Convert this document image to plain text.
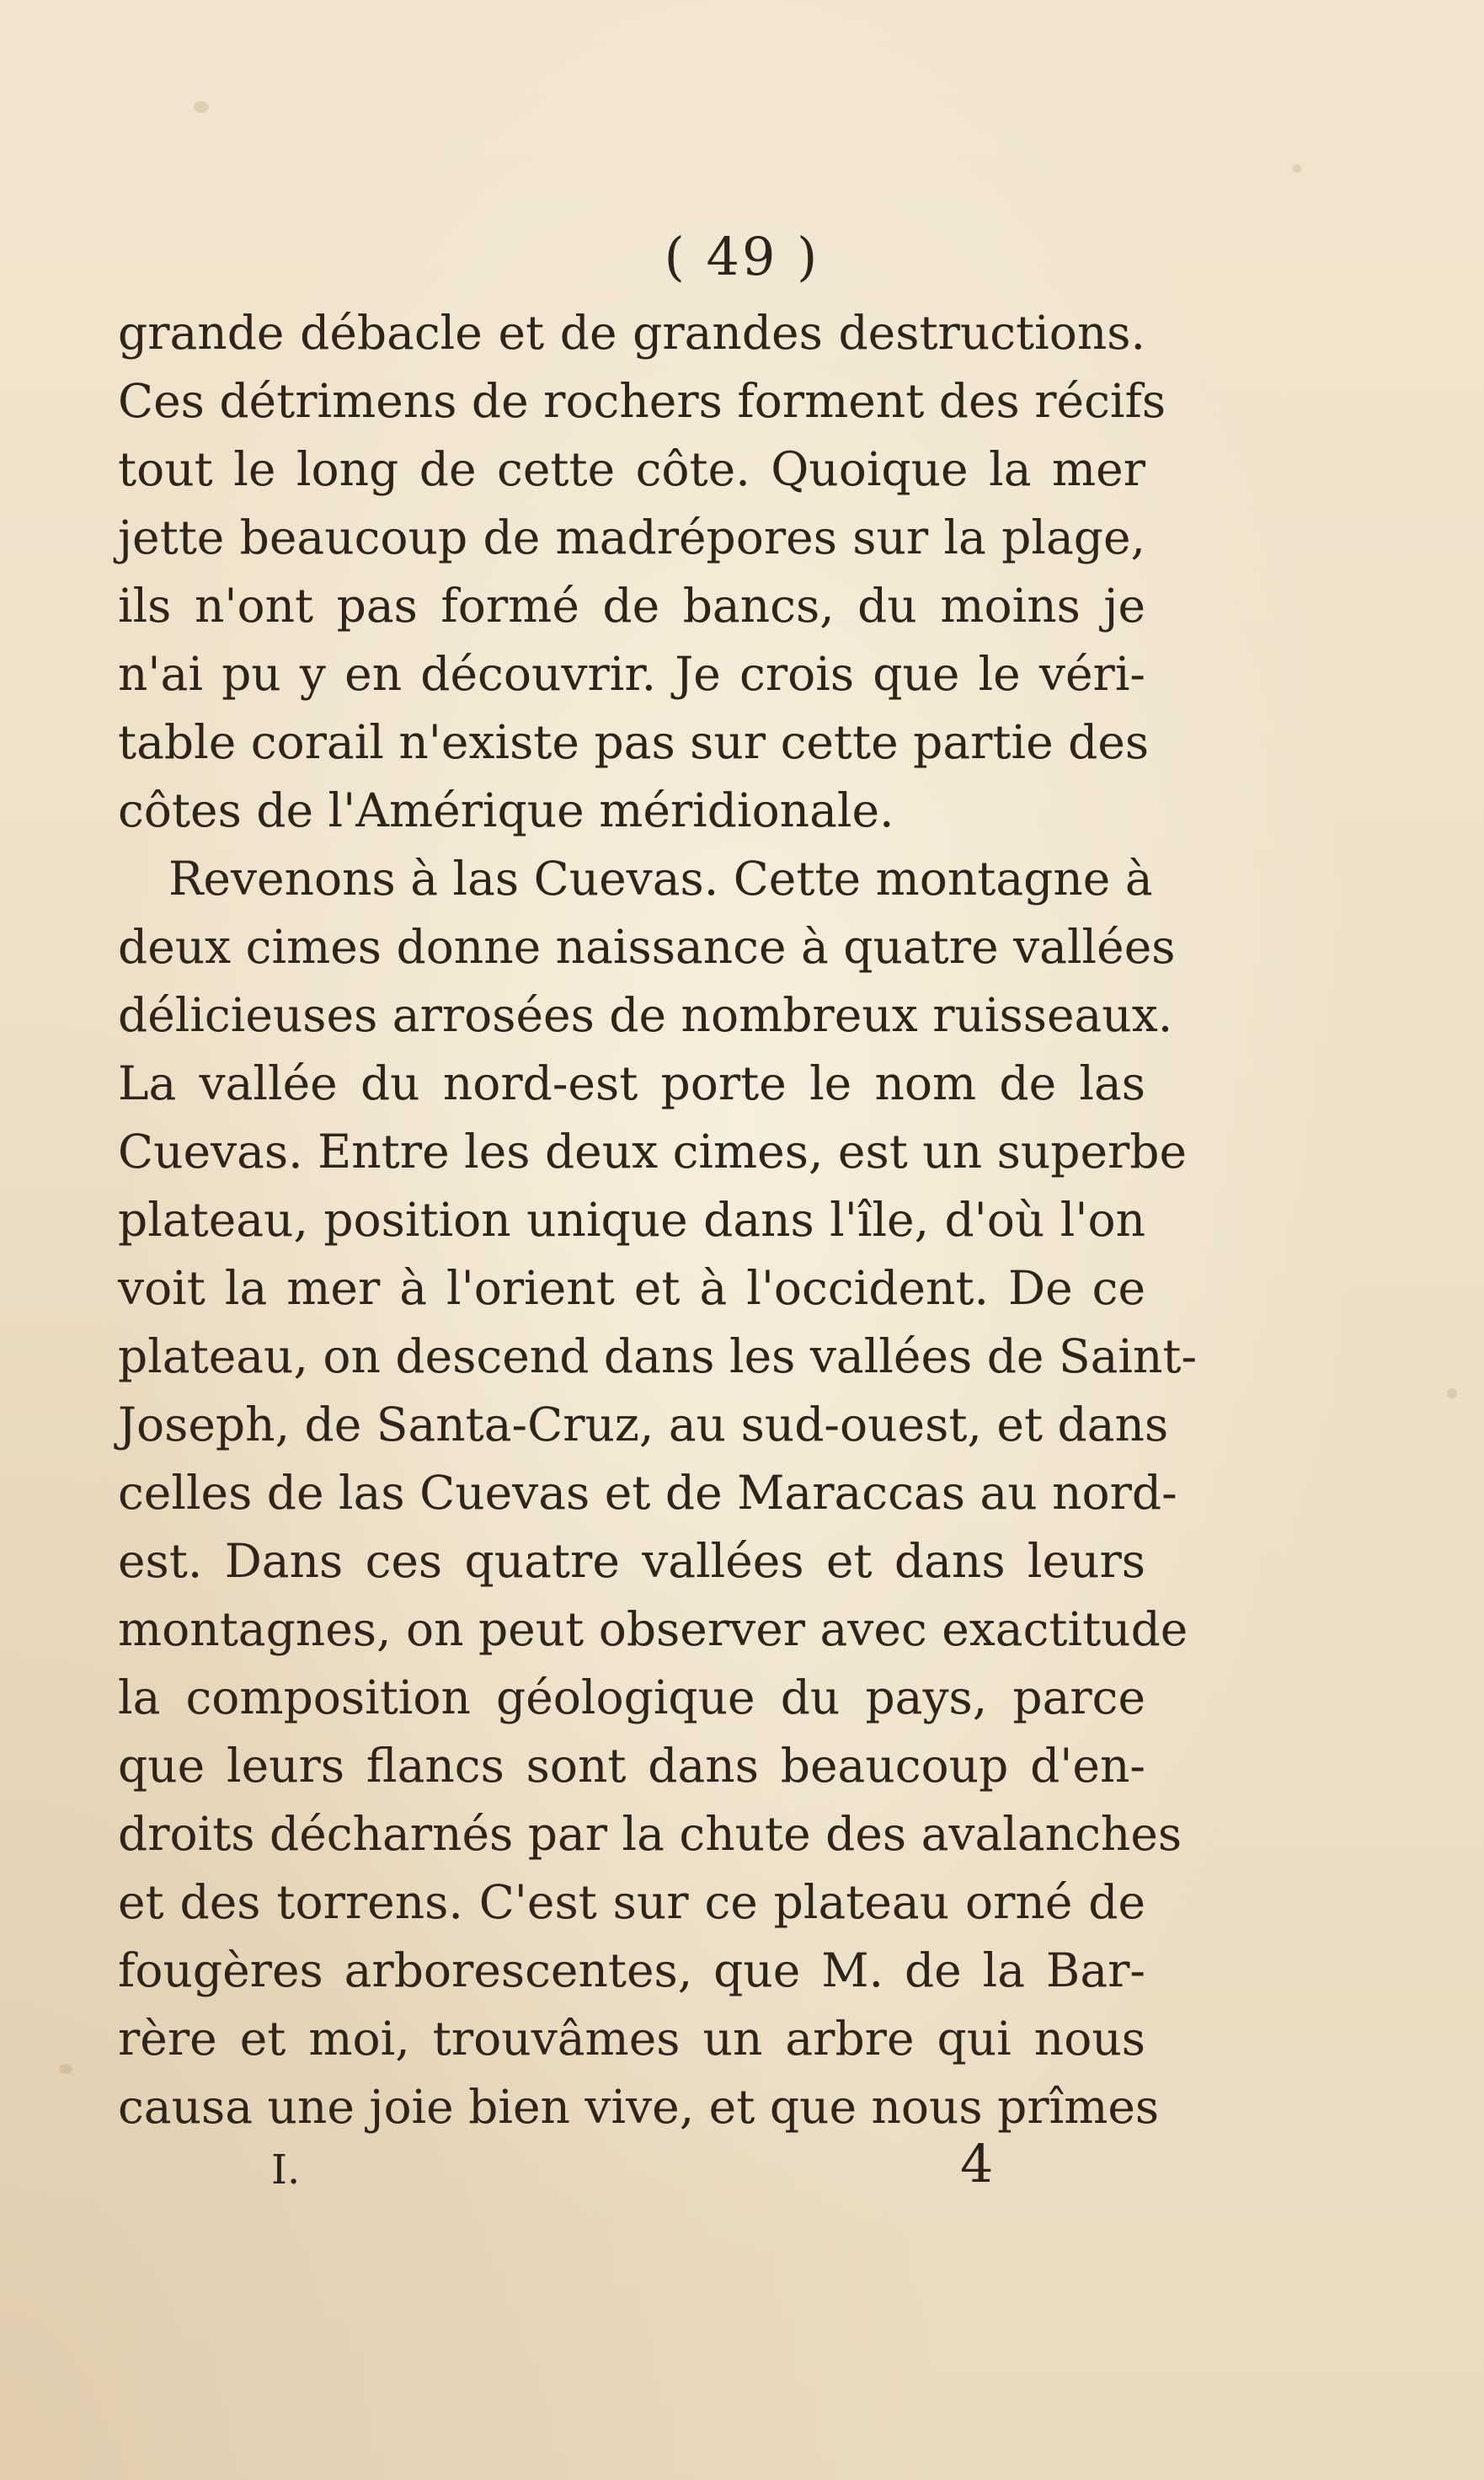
( 49 )
grande débacle et de grandes destructions.
Ces détrimens de rochers forment des récifs
tout le long de cette côte. Quoique la mer
jette beaucoup de madrépores sur la plage,
ils n'ont pas formé de bancs, du moins je
n'ai pu y en découvrir. Je crois que le véri-
table corail n'existe pas sur cette partie des
côtes de l'Amérique méridionale.
Revenons à las Cuevas. Cette montagne à
deux cimes donne naissance à quatre vallées
délicieuses arrosées de nombreux ruisseaux.
La vallée du nord-est porte le nom de las
Cuevas. Entre les deux cimes, est un superbe
plateau, position unique dans l'île, d'où l'on
voit la mer à l'orient et à l'occident. De ce
plateau, on descend dans les vallées de Saint-
Joseph, de Santa-Cruz, au sud-ouest, et dans
celles de las Cuevas et de Maraccas au nord-
est. Dans ces quatre vallées et dans leurs
montagnes, on peut observer avec exactitude
la composition géologique du pays, parce
que leurs flancs sont dans beaucoup d'en-
droits décharnés par la chute des avalanches
et des torrens. C'est sur ce plateau orné de
fougères arborescentes, que M. de la Bar-
rère et moi, trouvâmes un arbre qui nous
causa une joie bien vive, et que nous prîmes
I.	4
